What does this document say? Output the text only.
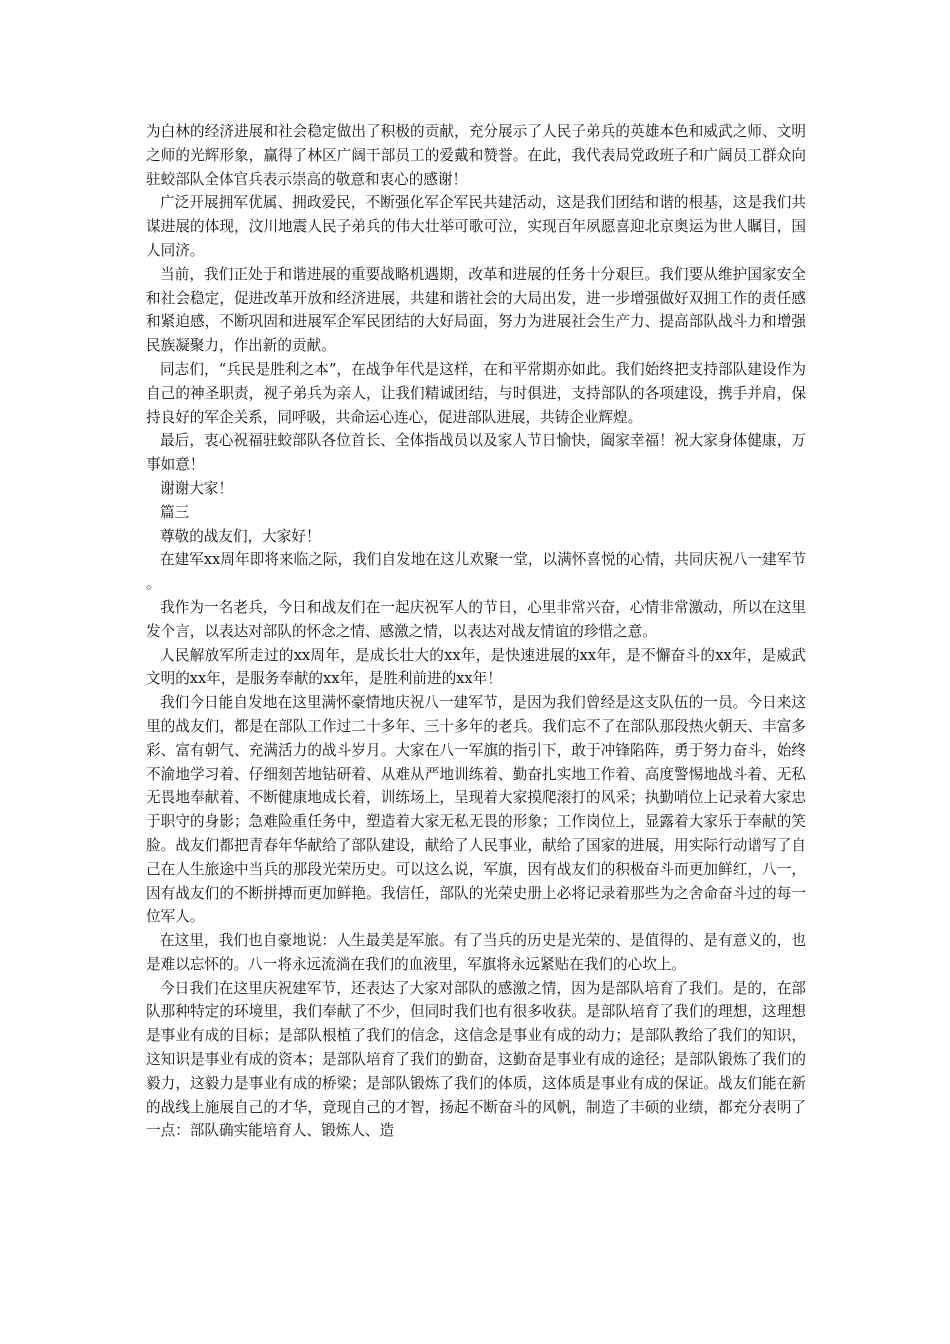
为白林的经济进展和社会稳定做出了积极的贡献，充分展示了人民子弟兵的英雄本色和威武之师、文明之师的光辉形象，赢得了林区广阔干部员工的爱戴和赞誉。在此，我代表局党政班子和广阔员工群众向驻蛟部队全体官兵表示崇高的敬意和衷心的感谢！

广泛开展拥军优属、拥政爱民，不断强化军企军民共建活动，这是我们团结和谐的根基，这是我们共谋进展的体现，汶川地震人民子弟兵的伟大壮举可歌可泣，实现百年夙愿喜迎北京奥运为世人瞩目，国人同济。

当前，我们正处于和谐进展的重要战略机遇期，改革和进展的任务十分艰巨。我们要从维护国家安全和社会稳定，促进改革开放和经济进展，共建和谐社会的大局出发，进一步增强做好双拥工作的责任感和紧迫感，不断巩固和进展军企军民团结的大好局面，努力为进展社会生产力、提高部队战斗力和增强民族凝聚力，作出新的贡献。

同志们，“兵民是胜利之本”，在战争年代是这样，在和平常期亦如此。我们始终把支持部队建设作为自己的神圣职责，视子弟兵为亲人，让我们精诚团结，与时俱进，支持部队的各项建设，携手并肩，保持良好的军企关系，同呼吸，共命运心连心，促进部队进展，共铸企业辉煌。

最后，衷心祝福驻蛟部队各位首长、全体指战员以及家人节日愉快，阖家幸福！祝大家身体健康，万事如意！

谢谢大家！

篇三

尊敬的战友们，大家好！

在建军xx周年即将来临之际，我们自发地在这儿欢聚一堂，以满怀喜悦的心情，共同庆祝八一建军节。

我作为一名老兵，今日和战友们在一起庆祝军人的节日，心里非常兴奋，心情非常激动，所以在这里发个言，以表达对部队的怀念之情、感激之情，以表达对战友情谊的珍惜之意。

人民解放军所走过的xx周年，是成长壮大的xx年，是快速进展的xx年，是不懈奋斗的xx年，是威武文明的xx年，是服务奉献的xx年，是胜利前进的xx年！

我们今日能自发地在这里满怀豪情地庆祝八一建军节，是因为我们曾经是这支队伍的一员。今日来这里的战友们，都是在部队工作过二十多年、三十多年的老兵。我们忘不了在部队那段热火朝天、丰富多彩、富有朝气、充满活力的战斗岁月。大家在八一军旗的指引下，敢于冲锋陷阵，勇于努力奋斗，始终不渝地学习着、仔细刻苦地钻研着、从难从严地训练着、勤奋扎实地工作着、高度警惕地战斗着、无私无畏地奉献着、不断健康地成长着，训练场上，呈现着大家摸爬滚打的风采；执勤哨位上记录着大家忠于职守的身影；急难险重任务中，塑造着大家无私无畏的形象；工作岗位上，显露着大家乐于奉献的笑脸。战友们都把青春年华献给了部队建设，献给了人民事业，献给了国家的进展，用实际行动谱写了自己在人生旅途中当兵的那段光荣历史。可以这么说，军旗，因有战友们的积极奋斗而更加鲜红，八一，因有战友们的不断拼搏而更加鲜艳。我信任，部队的光荣史册上必将记录着那些为之舍命奋斗过的每一位军人。

在这里，我们也自豪地说：人生最美是军旅。有了当兵的历史是光荣的、是值得的、是有意义的，也是难以忘怀的。八一将永远流淌在我们的血液里，军旗将永远紧贴在我们的心坎上。

今日我们在这里庆祝建军节，还表达了大家对部队的感激之情，因为是部队培育了我们。是的，在部队那种特定的环境里，我们奉献了不少，但同时我们也有很多收获。是部队培育了我们的理想，这理想是事业有成的目标；是部队根植了我们的信念，这信念是事业有成的动力；是部队教给了我们的知识，这知识是事业有成的资本；是部队培育了我们的勤奋，这勤奋是事业有成的途径；是部队锻炼了我们的毅力，这毅力是事业有成的桥梁；是部队锻炼了我们的体质，这体质是事业有成的保证。战友们能在新的战线上施展自己的才华，竟现自己的才智，扬起不断奋斗的风帆，制造了丰硕的业绩，都充分表明了一点：部队确实能培育人、锻炼人、造
